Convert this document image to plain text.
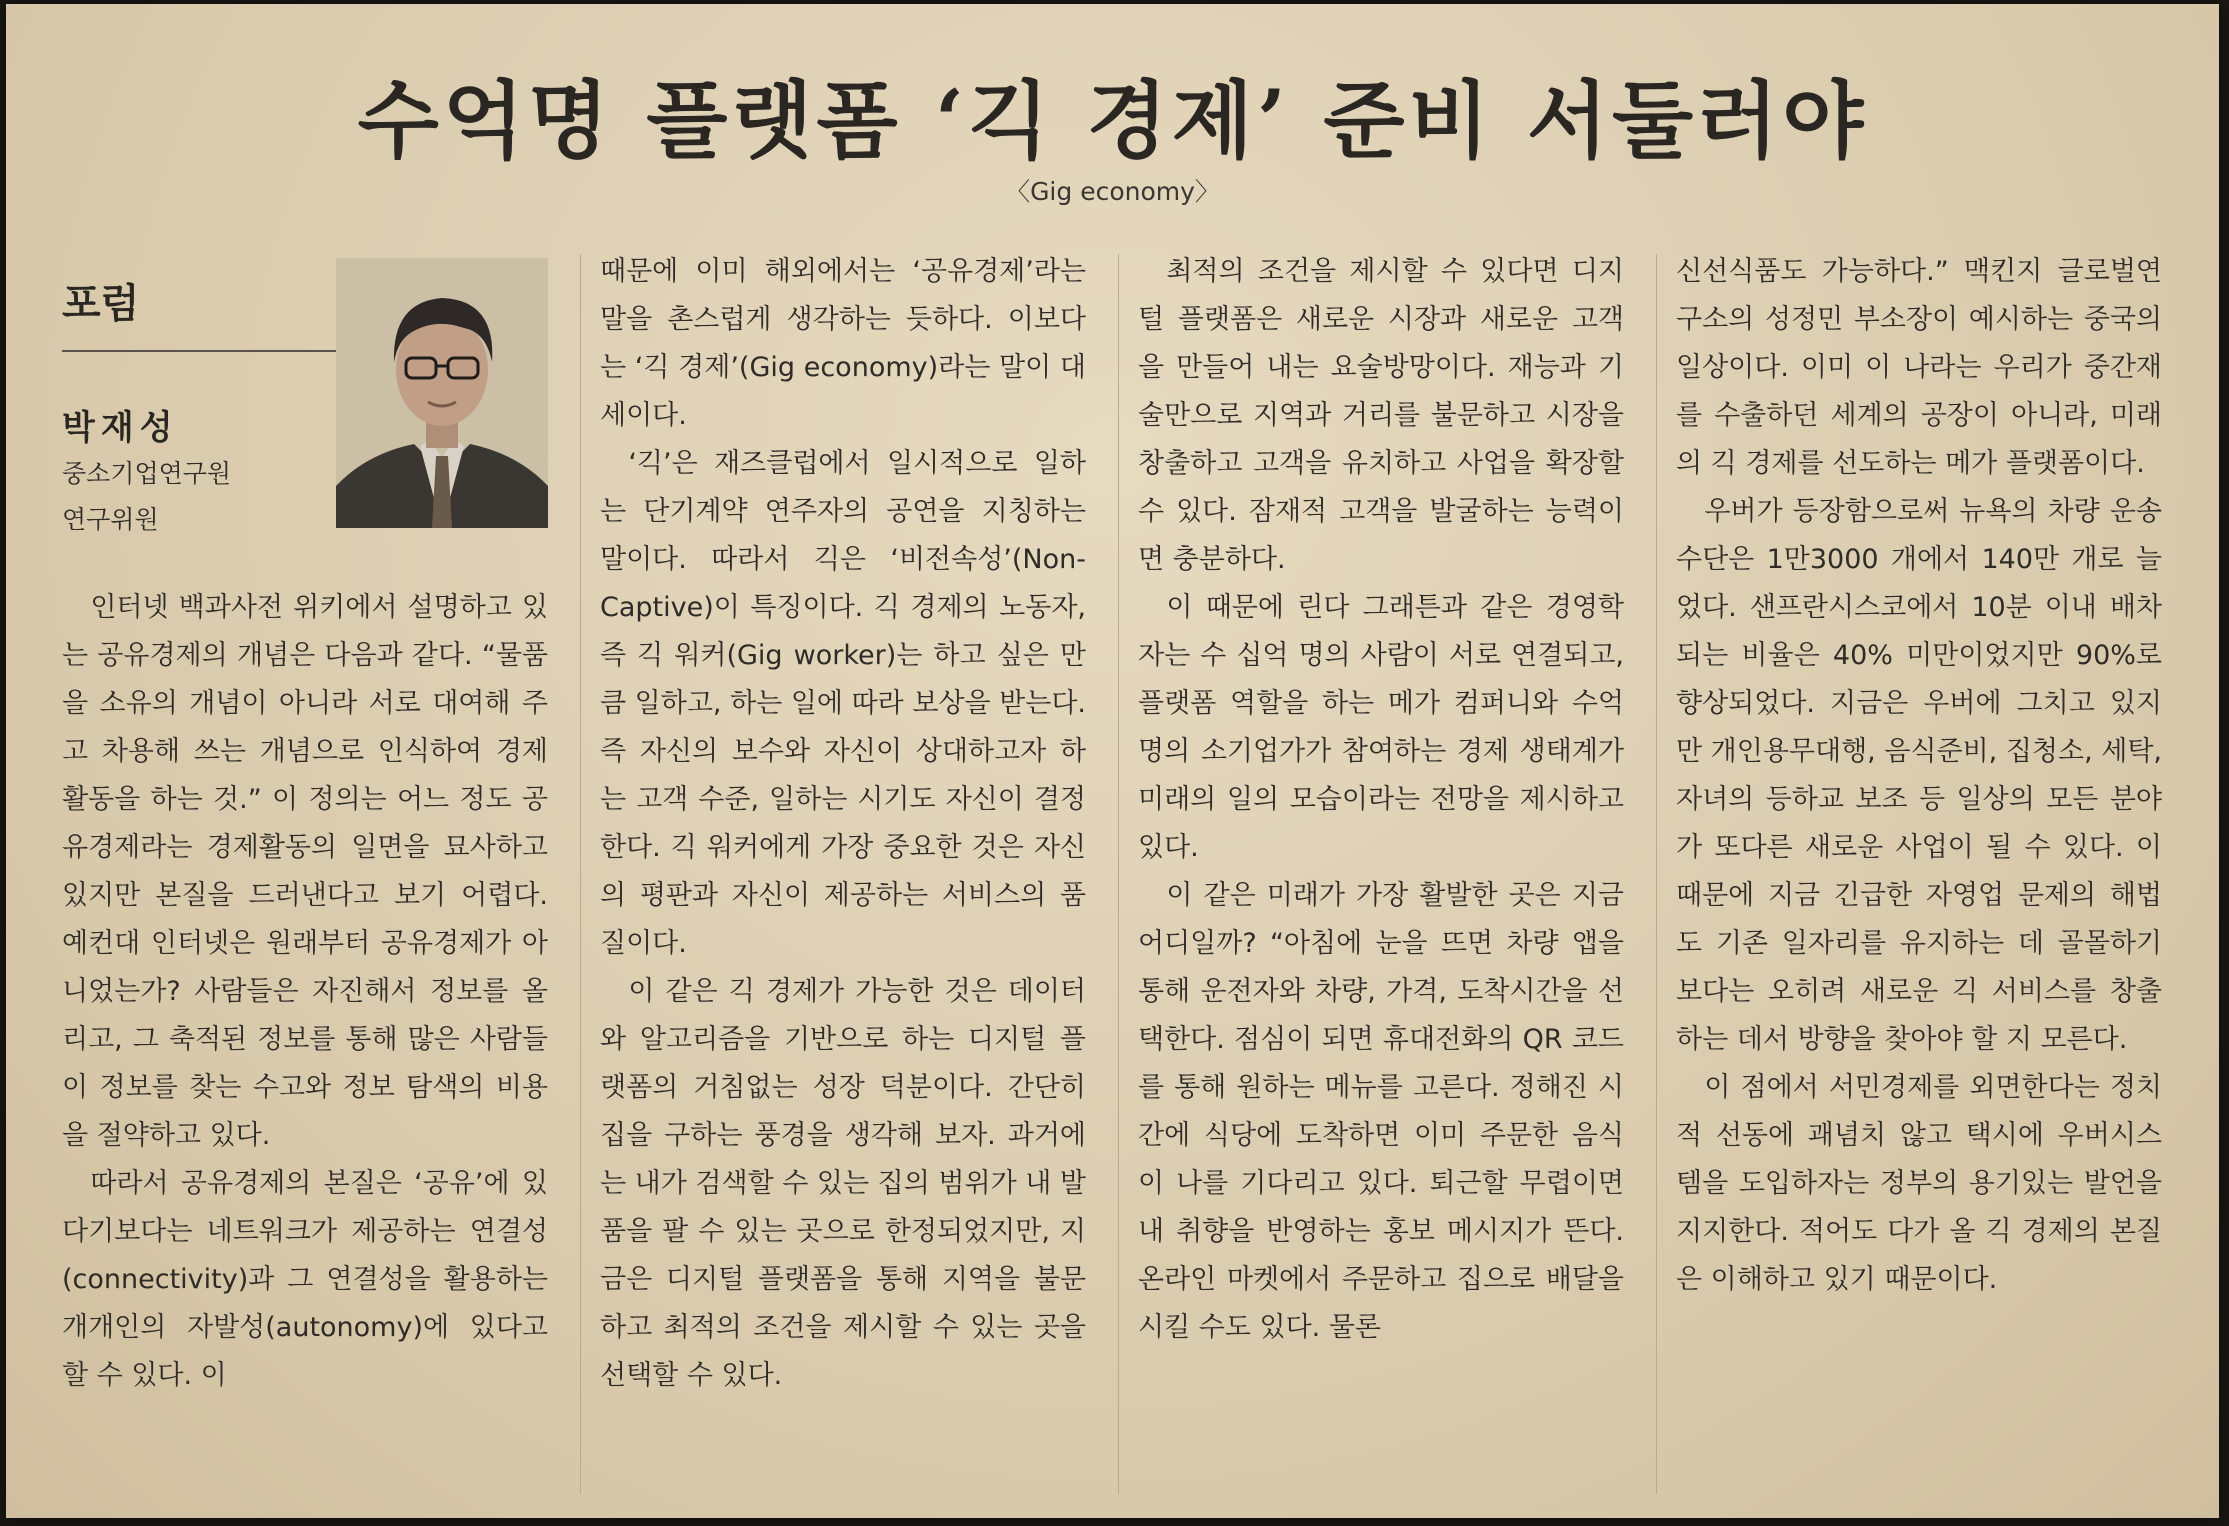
수억명 플랫폼 ‘긱 경제’ 준비 서둘러야
〈Gig economy〉
포럼
박재성
중소기업연구원
연구위원

인터넷 백과사전 위키에서 설명하고 있는 공유경제의 개념은 다음과 같다. “물품을 소유의 개념이 아니라 서로 대여해 주고 차용해 쓰는 개념으로 인식하여 경제활동을 하는 것.” 이 정의는 어느 정도 공유경제라는 경제활동의 일면을 묘사하고 있지만 본질을 드러낸다고 보기 어렵다. 예컨대 인터넷은 원래부터 공유경제가 아니었는가? 사람들은 자진해서 정보를 올리고, 그 축적된 정보를 통해 많은 사람들이 정보를 찾는 수고와 정보 탐색의 비용을 절약하고 있다.

따라서 공유경제의 본질은 ‘공유’에 있다기보다는 네트워크가 제공하는 연결성(connectivity)과 그 연결성을 활용하는 개개인의 자발성(autonomy)에 있다고 할 수 있다. 이

때문에 이미 해외에서는 ‘공유경제’라는 말을 촌스럽게 생각하는 듯하다. 이보다는 ‘긱 경제’(Gig economy)라는 말이 대세이다.

‘긱’은 재즈클럽에서 일시적으로 일하는 단기계약 연주자의 공연을 지칭하는 말이다. 따라서 긱은 ‘비전속성’(Non-Captive)이 특징이다. 긱 경제의 노동자, 즉 긱 워커(Gig worker)는 하고 싶은 만큼 일하고, 하는 일에 따라 보상을 받는다. 즉 자신의 보수와 자신이 상대하고자 하는 고객 수준, 일하는 시기도 자신이 결정한다. 긱 워커에게 가장 중요한 것은 자신의 평판과 자신이 제공하는 서비스의 품질이다.

이 같은 긱 경제가 가능한 것은 데이터와 알고리즘을 기반으로 하는 디지털 플랫폼의 거침없는 성장 덕분이다. 간단히 집을 구하는 풍경을 생각해 보자. 과거에는 내가 검색할 수 있는 집의 범위가 내 발품을 팔 수 있는 곳으로 한정되었지만, 지금은 디지털 플랫폼을 통해 지역을 불문하고 최적의 조건을 제시할 수 있는 곳을 선택할 수 있다.

최적의 조건을 제시할 수 있다면 디지털 플랫폼은 새로운 시장과 새로운 고객을 만들어 내는 요술방망이다. 재능과 기술만으로 지역과 거리를 불문하고 시장을 창출하고 고객을 유치하고 사업을 확장할 수 있다. 잠재적 고객을 발굴하는 능력이면 충분하다.

이 때문에 린다 그래튼과 같은 경영학자는 수 십억 명의 사람이 서로 연결되고, 플랫폼 역할을 하는 메가 컴퍼니와 수억 명의 소기업가가 참여하는 경제 생태계가 미래의 일의 모습이라는 전망을 제시하고 있다.

이 같은 미래가 가장 활발한 곳은 지금 어디일까? “아침에 눈을 뜨면 차량 앱을 통해 운전자와 차량, 가격, 도착시간을 선택한다. 점심이 되면 휴대전화의 QR 코드를 통해 원하는 메뉴를 고른다. 정해진 시간에 식당에 도착하면 이미 주문한 음식이 나를 기다리고 있다. 퇴근할 무렵이면 내 취향을 반영하는 홍보 메시지가 뜬다. 온라인 마켓에서 주문하고 집으로 배달을 시킬 수도 있다. 물론

신선식품도 가능하다.” 맥킨지 글로벌연구소의 성정민 부소장이 예시하는 중국의 일상이다. 이미 이 나라는 우리가 중간재를 수출하던 세계의 공장이 아니라, 미래의 긱 경제를 선도하는 메가 플랫폼이다.

우버가 등장함으로써 뉴욕의 차량 운송수단은 1만3000 개에서 140만 개로 늘었다. 샌프란시스코에서 10분 이내 배차되는 비율은 40% 미만이었지만 90%로 향상되었다. 지금은 우버에 그치고 있지만 개인용무대행, 음식준비, 집청소, 세탁, 자녀의 등하교 보조 등 일상의 모든 분야가 또다른 새로운 사업이 될 수 있다. 이 때문에 지금 긴급한 자영업 문제의 해법도 기존 일자리를 유지하는 데 골몰하기보다는 오히려 새로운 긱 서비스를 창출하는 데서 방향을 찾아야 할 지 모른다.

이 점에서 서민경제를 외면한다는 정치적 선동에 괘념치 않고 택시에 우버시스템을 도입하자는 정부의 용기있는 발언을 지지한다. 적어도 다가 올 긱 경제의 본질은 이해하고 있기 때문이다.
